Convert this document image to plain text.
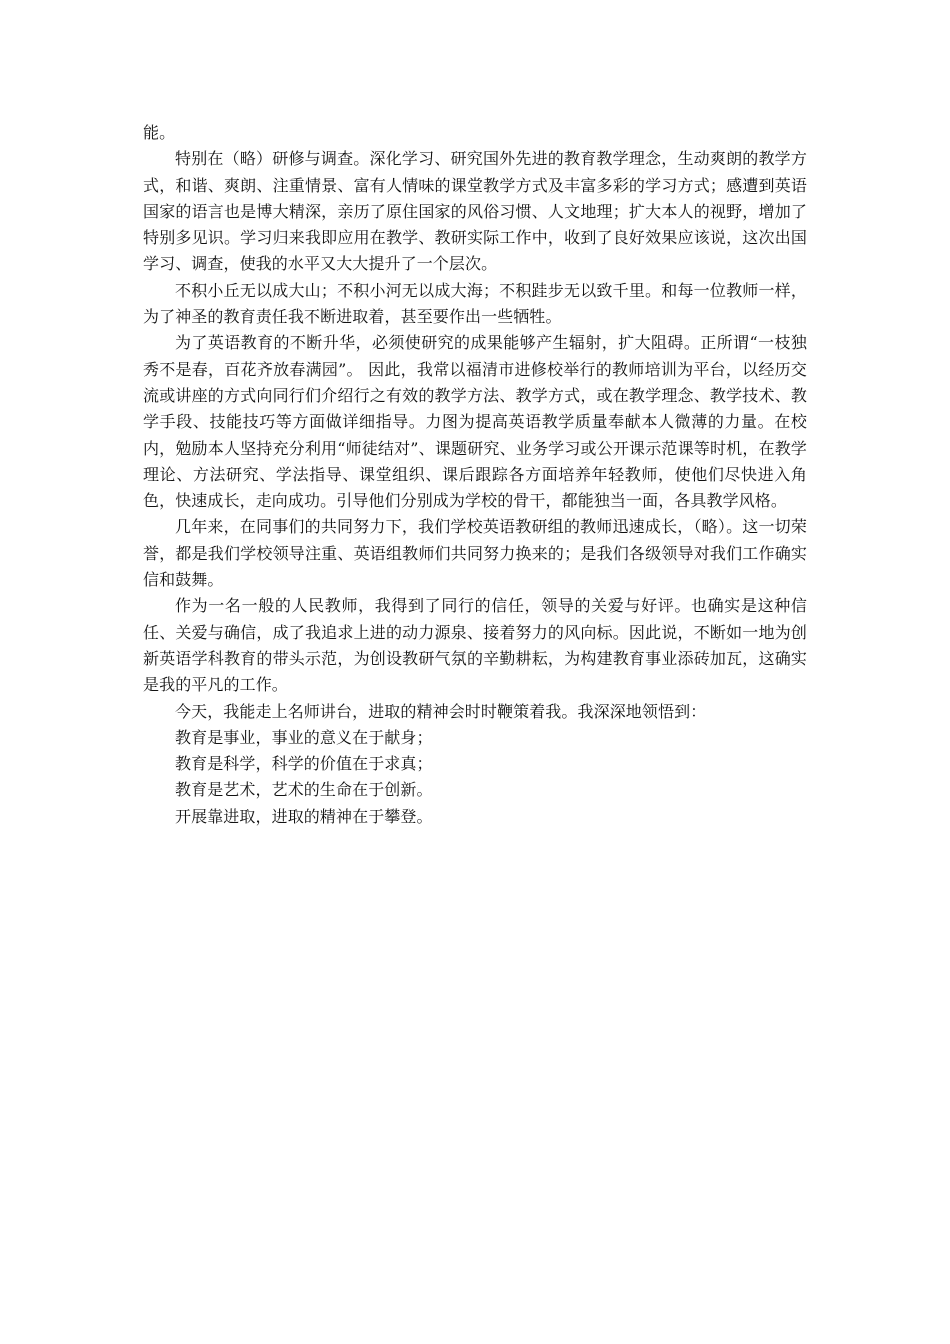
能。

特别在（略）研修与调查。深化学习、研究国外先进的教育教学理念，生动爽朗的教学方式，和谐、爽朗、注重情景、富有人情味的课堂教学方式及丰富多彩的学习方式；感遭到英语国家的语言也是博大精深，亲历了原住国家的风俗习惯、人文地理；扩大本人的视野，增加了特别多见识。学习归来我即应用在教学、教研实际工作中，收到了良好效果应该说，这次出国学习、调查，使我的水平又大大提升了一个层次。

不积小丘无以成大山；不积小河无以成大海；不积跬步无以致千里。和每一位教师一样，为了神圣的教育责任我不断进取着，甚至要作出一些牺牲。

为了英语教育的不断升华，必须使研究的成果能够产生辐射，扩大阻碍。正所谓“一枝独秀不是春，百花齐放春满园”。 因此，我常以福清市进修校举行的教师培训为平台，以经历交流或讲座的方式向同行们介绍行之有效的教学方法、教学方式，或在教学理念、教学技术、教学手段、技能技巧等方面做详细指导。力图为提高英语教学质量奉献本人微薄的力量。在校内，勉励本人坚持充分利用“师徒结对”、课题研究、业务学习或公开课示范课等时机，在教学理论、方法研究、学法指导、课堂组织、课后跟踪各方面培养年轻教师，使他们尽快进入角色，快速成长，走向成功。引导他们分别成为学校的骨干，都能独当一面，各具教学风格。

几年来，在同事们的共同努力下，我们学校英语教研组的教师迅速成长，（略）。这一切荣誉，都是我们学校领导注重、英语组教师们共同努力换来的；是我们各级领导对我们工作确实信和鼓舞。

作为一名一般的人民教师，我得到了同行的信任，领导的关爱与好评。也确实是这种信任、关爱与确信，成了我追求上进的动力源泉、接着努力的风向标。因此说，不断如一地为创新英语学科教育的带头示范，为创设教研气氛的辛勤耕耘，为构建教育事业添砖加瓦，这确实是我的平凡的工作。

今天，我能走上名师讲台，进取的精神会时时鞭策着我。我深深地领悟到：

教育是事业，事业的意义在于献身；

教育是科学，科学的价值在于求真；

教育是艺术，艺术的生命在于创新。

开展靠进取，进取的精神在于攀登。
